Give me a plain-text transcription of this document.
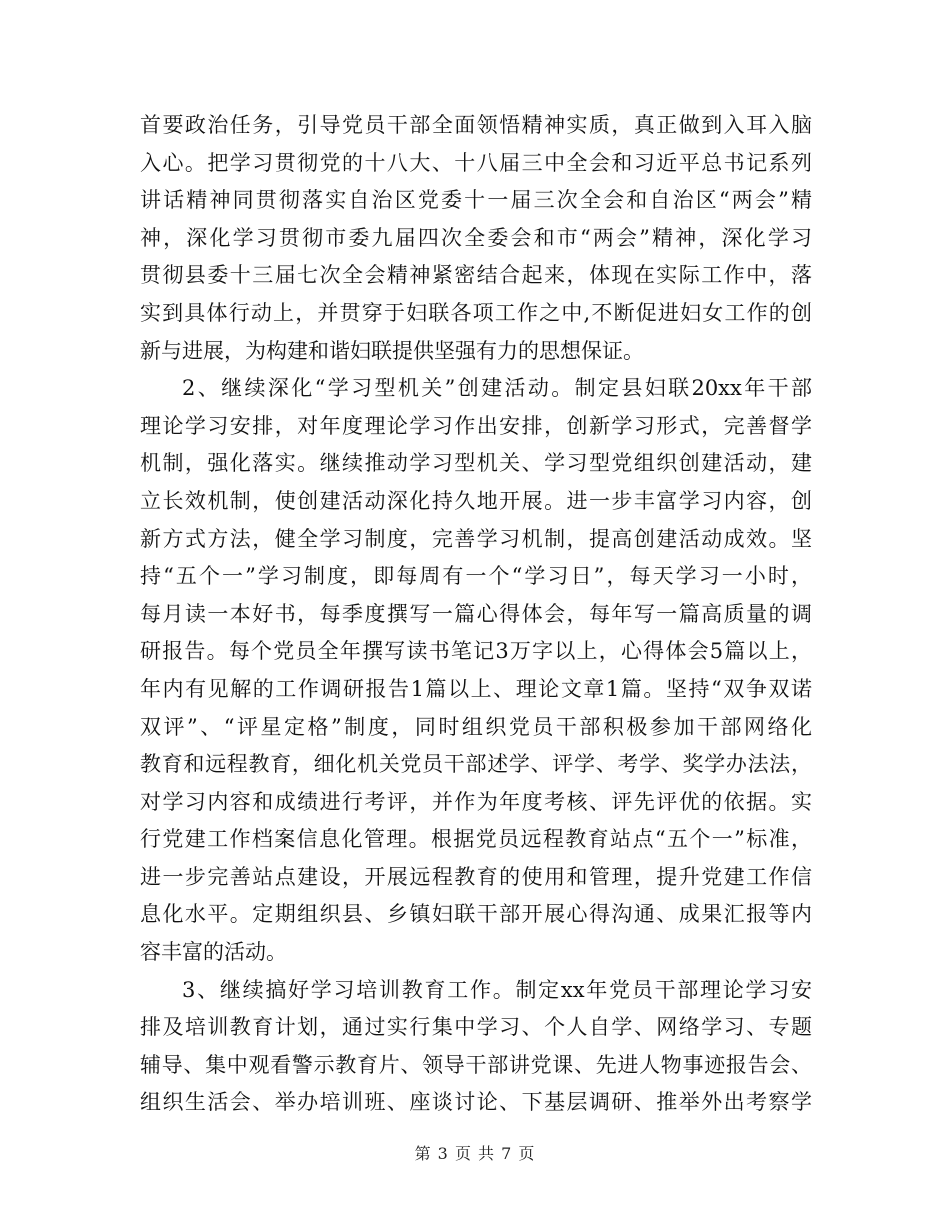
首要政治任务，引导党员干部全面领悟精神实质，真正做到入耳入脑
入心。把学习贯彻党的十八大、十八届三中全会和习近平总书记系列
讲话精神同贯彻落实自治区党委十一届三次全会和自治区“两会”精
神，深化学习贯彻市委九届四次全委会和市“两会”精神，深化学习
贯彻县委十三届七次全会精神紧密结合起来，体现在实际工作中，落
实到具体行动上，并贯穿于妇联各项工作之中,不断促进妇女工作的创
新与进展，为构建和谐妇联提供坚强有力的思想保证。
2、继续深化“学习型机关”创建活动。制定县妇联20xx年干部
理论学习安排，对年度理论学习作出安排，创新学习形式，完善督学
机制，强化落实。继续推动学习型机关、学习型党组织创建活动，建
立长效机制，使创建活动深化持久地开展。进一步丰富学习内容，创
新方式方法，健全学习制度，完善学习机制，提高创建活动成效。坚
持“五个一”学习制度，即每周有一个“学习日”，每天学习一小时，
每月读一本好书，每季度撰写一篇心得体会，每年写一篇高质量的调
研报告。每个党员全年撰写读书笔记3万字以上，心得体会5篇以上，
年内有见解的工作调研报告1篇以上、理论文章1篇。坚持“双争双诺
双评”、“评星定格”制度，同时组织党员干部积极参加干部网络化
教育和远程教育，细化机关党员干部述学、评学、考学、奖学办法法，
对学习内容和成绩进行考评，并作为年度考核、评先评优的依据。实
行党建工作档案信息化管理。根据党员远程教育站点“五个一”标准，
进一步完善站点建设，开展远程教育的使用和管理，提升党建工作信
息化水平。定期组织县、乡镇妇联干部开展心得沟通、成果汇报等内
容丰富的活动。
3、继续搞好学习培训教育工作。制定xx年党员干部理论学习安
排及培训教育计划，通过实行集中学习、个人自学、网络学习、专题
辅导、集中观看警示教育片、领导干部讲党课、先进人物事迹报告会、
组织生活会、举办培训班、座谈讨论、下基层调研、推举外出考察学
第 3 页 共 7 页
